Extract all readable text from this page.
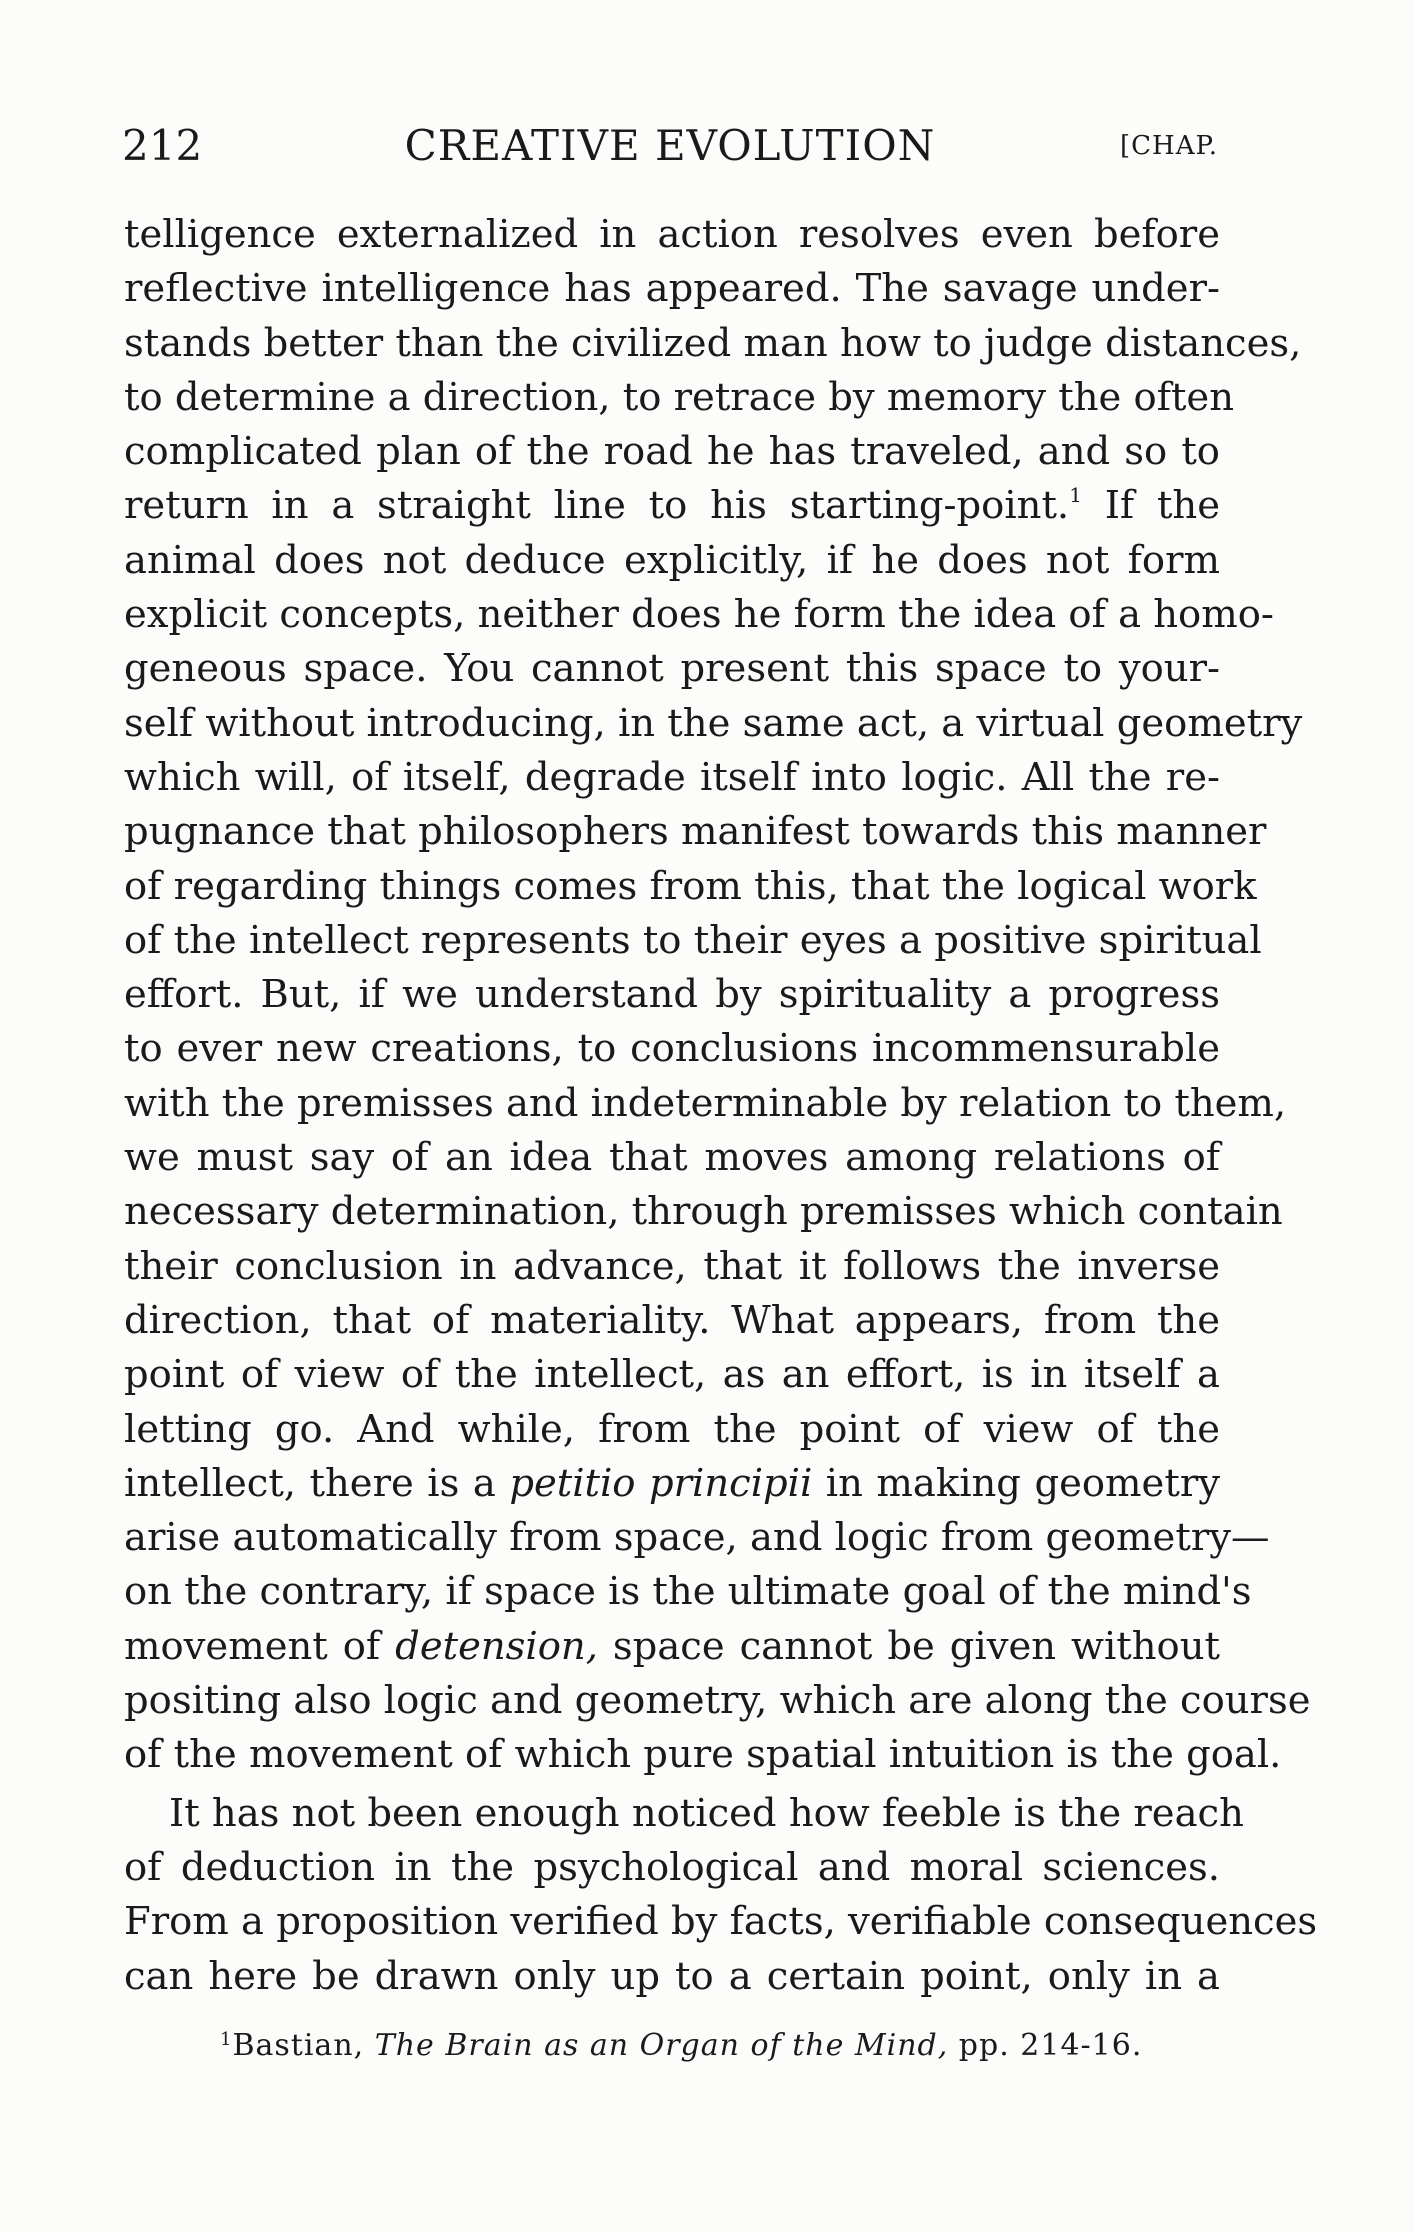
212	CREATIVE EVOLUTION	[CHAP.
telligence externalized in action resolves even before
reflective intelligence has appeared. The savage under-
stands better than the civilized man how to judge distances,
to determine a direction, to retrace by memory the often
complicated plan of the road he has traveled, and so to
return in a straight line to his starting-point.$^1$ If the
animal does not deduce explicitly, if he does not form
explicit concepts, neither does he form the idea of a homo-
geneous space. You cannot present this space to your-
self without introducing, in the same act, a virtual geometry
which will, of itself, degrade itself into logic. All the re-
pugnance that philosophers manifest towards this manner
of regarding things comes from this, that the logical work
of the intellect represents to their eyes a positive spiritual
effort. But, if we understand by spirituality a progress
to ever new creations, to conclusions incommensurable
with the premisses and indeterminable by relation to them,
we must say of an idea that moves among relations of
necessary determination, through premisses which contain
their conclusion in advance, that it follows the inverse
direction, that of materiality. What appears, from the
point of view of the intellect, as an effort, is in itself a
letting go. And while, from the point of view of the
intellect, there is a petitio principii in making geometry
arise automatically from space, and logic from geometry—
on the contrary, if space is the ultimate goal of the mind's
movement of detension, space cannot be given without
positing also logic and geometry, which are along the course
of the movement of which pure spatial intuition is the goal.
It has not been enough noticed how feeble is the reach
of deduction in the psychological and moral sciences.
From a proposition verified by facts, verifiable consequences
can here be drawn only up to a certain point, only in a
$^1$Bastian, The Brain as an Organ of the Mind, pp. 214-16.
